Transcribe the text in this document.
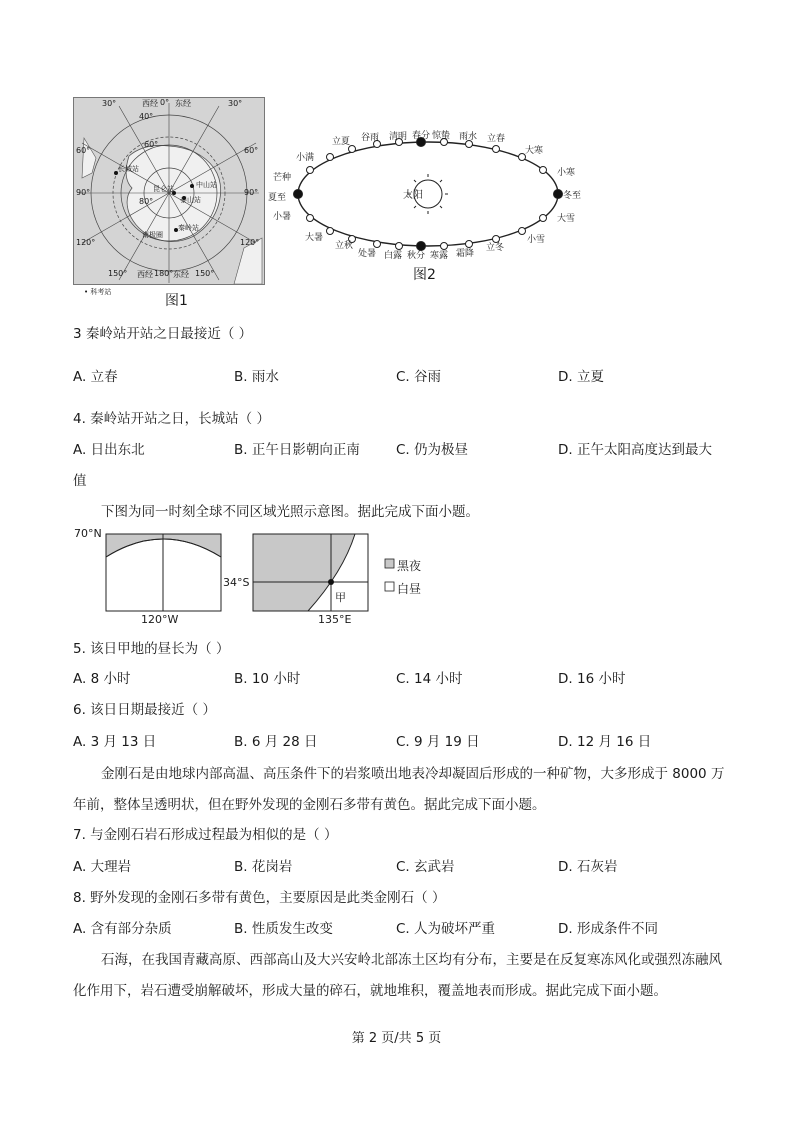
西经 0° 东经
西经 180° 东经
30°	30°
60°	60°
90°	90°
120°	120°
150°	150°
40°
60°
80°
长城站
昆仑站	中山站
泰山站
秦岭站
南极圈
• 科考站
图1
太阳
立夏 谷雨 清明 春分 惊蛰 雨水 立春
小满
芒种
夏至
小暑
大暑
大寒
小寒
冬至
大雪
小雪
立秋
处暑 白露 秋分 寒露 霜降
立冬
图2
3 秦岭站开站之日最接近（ ）
A. 立春	B. 雨水	C. 谷雨	D. 立夏
4. 秦岭站开站之日，长城站（ ）
A. 日出东北	B. 正午日影朝向正南	C. 仍为极昼	D. 正午太阳高度达到最大
值
下图为同一时刻全球不同区域光照示意图。据此完成下面小题。
70°N
120°W
34°S
135°E
甲
黑夜
白昼
5. 该日甲地的昼长为（ ）
A. 8 小时	B. 10 小时	C. 14 小时	D. 16 小时
6. 该日日期最接近（ ）
A. 3 月 13 日	B. 6 月 28 日	C. 9 月 19 日	D. 12 月 16 日
金刚石是由地球内部高温、高压条件下的岩浆喷出地表冷却凝固后形成的一种矿物，大多形成于 8000 万年前，整体呈透明状，但在野外发现的金刚石多带有黄色。据此完成下面小题。
7. 与金刚石岩石形成过程最为相似的是（ ）
A. 大理岩	B. 花岗岩	C. 玄武岩	D. 石灰岩
8. 野外发现的金刚石多带有黄色，主要原因是此类金刚石（ ）
A. 含有部分杂质	B. 性质发生改变	C. 人为破坏严重	D. 形成条件不同
石海，在我国青藏高原、西部高山及大兴安岭北部冻土区均有分布，主要是在反复寒冻风化或强烈冻融风化作用下，岩石遭受崩解破坏，形成大量的碎石，就地堆积，覆盖地表而形成。据此完成下面小题。
第 2 页/共 5 页
